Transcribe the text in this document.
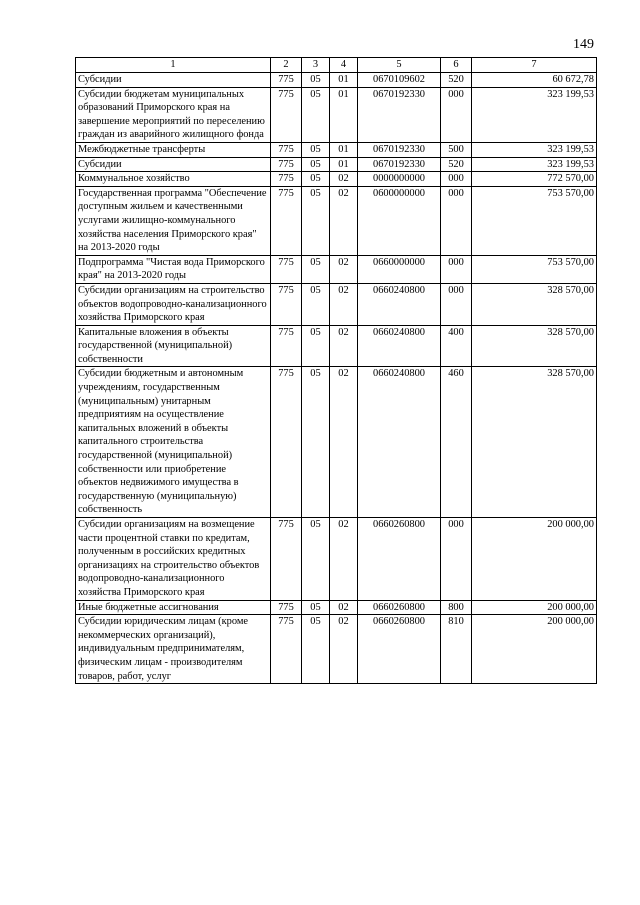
149
1	2	3	4	5	6	7
Субсидии	775	05	01	0670109602	520	60 672,78
Субсидии бюджетам муниципальных образований Приморского края на завершение мероприятий по переселению граждан из аварийного жилищного фонда	775	05	01	0670192330	000	323 199,53
Межбюджетные трансферты	775	05	01	0670192330	500	323 199,53
Субсидии	775	05	01	0670192330	520	323 199,53
Коммунальное хозяйство	775	05	02	0000000000	000	772 570,00
Государственная программа "Обеспечение доступным жильем и качественными услугами жилищно-коммунального хозяйства населения Приморского края" на 2013-2020 годы	775	05	02	0600000000	000	753 570,00
Подпрограмма "Чистая вода Приморского края" на 2013-2020 годы	775	05	02	0660000000	000	753 570,00
Субсидии организациям на строительство объектов водопроводно-канализационного хозяйства Приморского края	775	05	02	0660240800	000	328 570,00
Капитальные вложения в объекты государственной (муниципальной) собственности	775	05	02	0660240800	400	328 570,00
Субсидии бюджетным и автономным учреждениям, государственным (муниципальным) унитарным предприятиям на осуществление капитальных вложений в объекты капитального строительства государственной (муниципальной) собственности или приобретение объектов недвижимого имущества в государственную (муниципальную) собственность	775	05	02	0660240800	460	328 570,00
Субсидии организациям на возмещение части процентной ставки по кредитам, полученным в российских кредитных организациях на строительство объектов водопроводно-канализационного хозяйства Приморского края	775	05	02	0660260800	000	200 000,00
Иные бюджетные ассигнования	775	05	02	0660260800	800	200 000,00
Субсидии юридическим лицам (кроме некоммерческих организаций), индивидуальным предпринимателям, физическим лицам - производителям товаров, работ, услуг	775	05	02	0660260800	810	200 000,00
